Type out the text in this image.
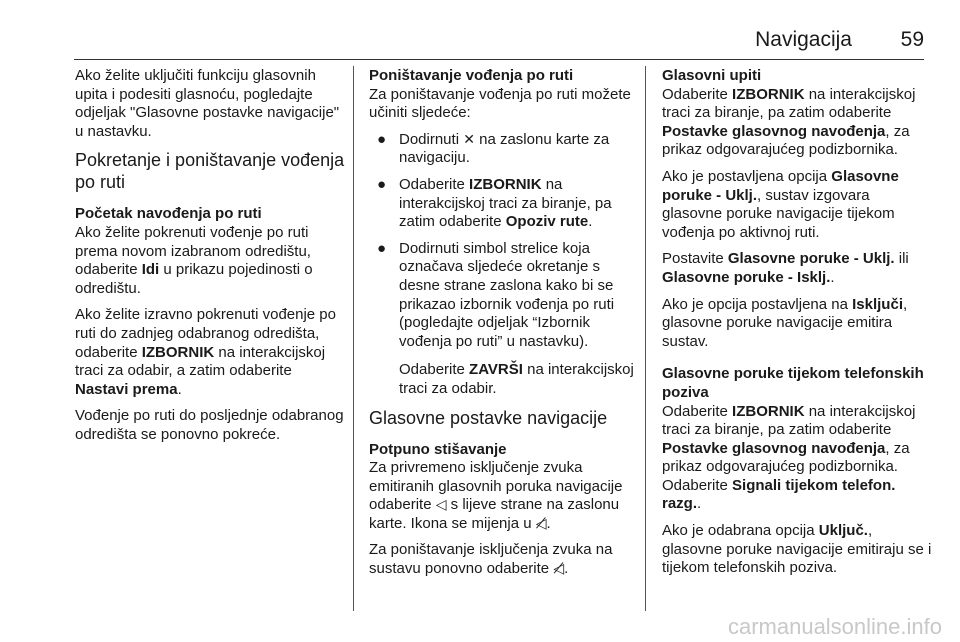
Navigacija 59

Ako želite uključiti funkciju glasovnih upita i podesiti glasnoću, pogledajte odjeljak "Glasovne postavke navigacije" u nastavku.

Pokretanje i poništavanje vođenja po ruti

Početak navođenja po ruti

Ako želite pokrenuti vođenje po ruti prema novom izabranom odredištu, odaberite Idi u prikazu pojedinosti o odredištu.

Ako želite izravno pokrenuti vođenje po ruti do zadnjeg odabranog odredišta, odaberite IZBORNIK na interakcijskoj traci za odabir, a zatim odaberite Nastavi prema.

Vođenje po ruti do posljednje odabranog odredišta se ponovno pokreće.

Poništavanje vođenja po ruti

Za poništavanje vođenja po ruti možete učiniti sljedeće:

● Dodirnuti ✕ na zaslonu karte za navigaciju.
● Odaberite IZBORNIK na interakcijskoj traci za biranje, pa zatim odaberite Opoziv rute.
● Dodirnuti simbol strelice koja označava sljedeće okretanje s desne strane zaslona kako bi se prikazao izbornik vođenja po ruti (pogledajte odjeljak “Izbornik vođenja po ruti” u nastavku).

Odaberite ZAVRŠI na interakcijskoj traci za odabir.

Glasovne postavke navigacije

Potpuno stišavanje

Za privremeno isključenje zvuka emitiranih glasovnih poruka navigacije odaberite ◁ s lijeve strane na zaslonu karte. Ikona se mijenja u ◁̸.

Za poništavanje isključenja zvuka na sustavu ponovno odaberite ◁̸.

Glasovni upiti

Odaberite IZBORNIK na interakcijskoj traci za biranje, pa zatim odaberite Postavke glasovnog navođenja, za prikaz odgovarajućeg podizbornika.

Ako je postavljena opcija Glasovne poruke - Uklj., sustav izgovara glasovne poruke navigacije tijekom vođenja po aktivnoj ruti.

Postavite Glasovne poruke - Uklj. ili Glasovne poruke - Isklj..

Ako je opcija postavljena na Isključi, glasovne poruke navigacije emitira sustav.

Glasovne poruke tijekom telefonskih poziva

Odaberite IZBORNIK na interakcijskoj traci za biranje, pa zatim odaberite Postavke glasovnog navođenja, za prikaz odgovarajućeg podizbornika. Odaberite Signali tijekom telefon. razg..

Ako je odabrana opcija Uključ., glasovne poruke navigacije emitiraju se i tijekom telefonskih poziva.

carmanualsonline.info
